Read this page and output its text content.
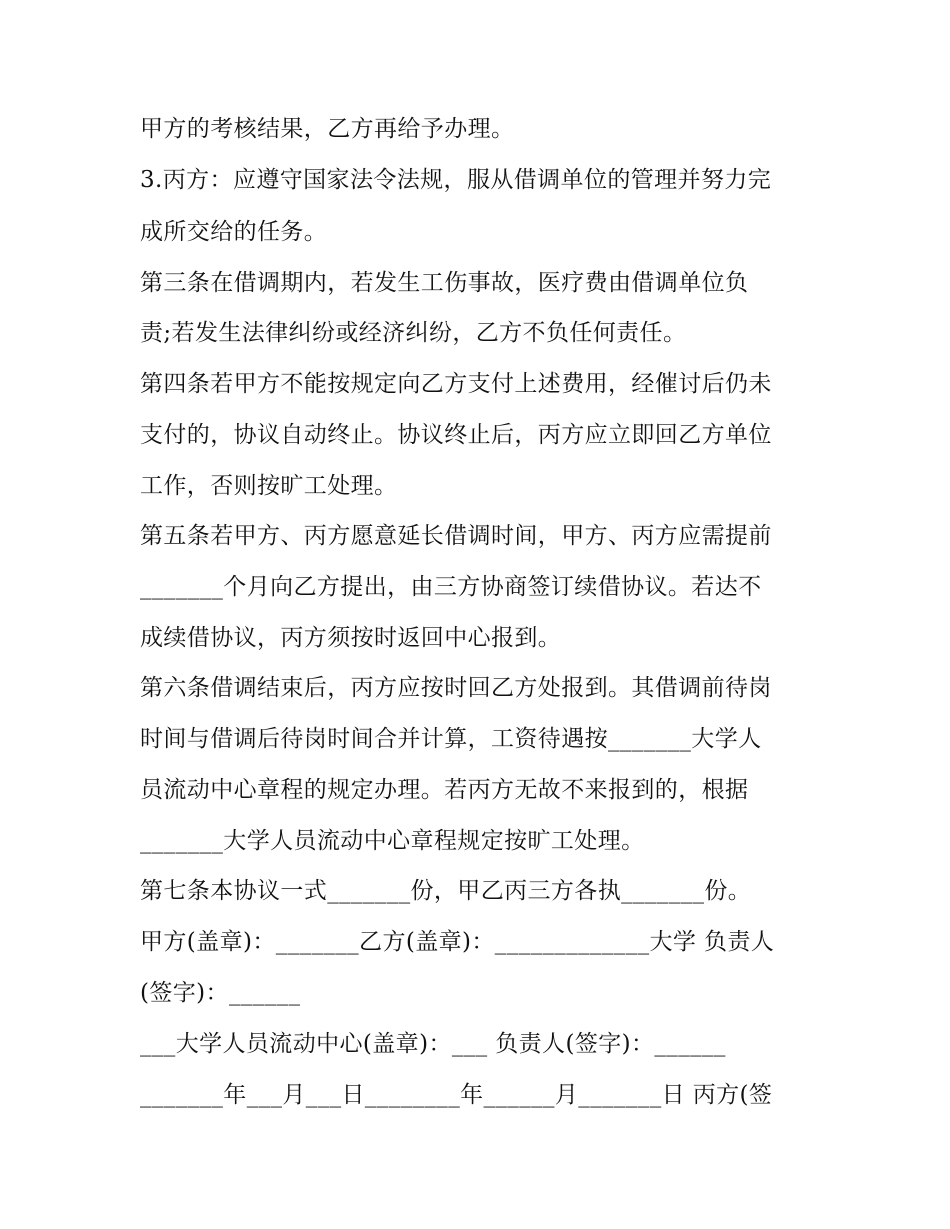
甲方的考核结果，乙方再给予办理。
3.丙方：应遵守国家法令法规，服从借调单位的管理并努力完
成所交给的任务。
第三条在借调期内，若发生工伤事故，医疗费由借调单位负
责;若发生法律纠纷或经济纠纷，乙方不负任何责任。
第四条若甲方不能按规定向乙方支付上述费用，经催讨后仍未
支付的，协议自动终止。协议终止后，丙方应立即回乙方单位
工作，否则按旷工处理。
第五条若甲方、丙方愿意延长借调时间，甲方、丙方应需提前
_______个月向乙方提出，由三方协商签订续借协议。若达不
成续借协议，丙方须按时返回中心报到。
第六条借调结束后，丙方应按时回乙方处报到。其借调前待岗
时间与借调后待岗时间合并计算，工资待遇按_______大学人
员流动中心章程的规定办理。若丙方无故不来报到的，根据
_______大学人员流动中心章程规定按旷工处理。
第七条本协议一式_______份，甲乙丙三方各执_______份。
甲方(盖章)：_______乙方(盖章)：_____________大学 负责人
(签字)：______
___大学人员流动中心(盖章)：___ 负责人(签字)：______
_______年___月___日________年______月_______日 丙方(签
